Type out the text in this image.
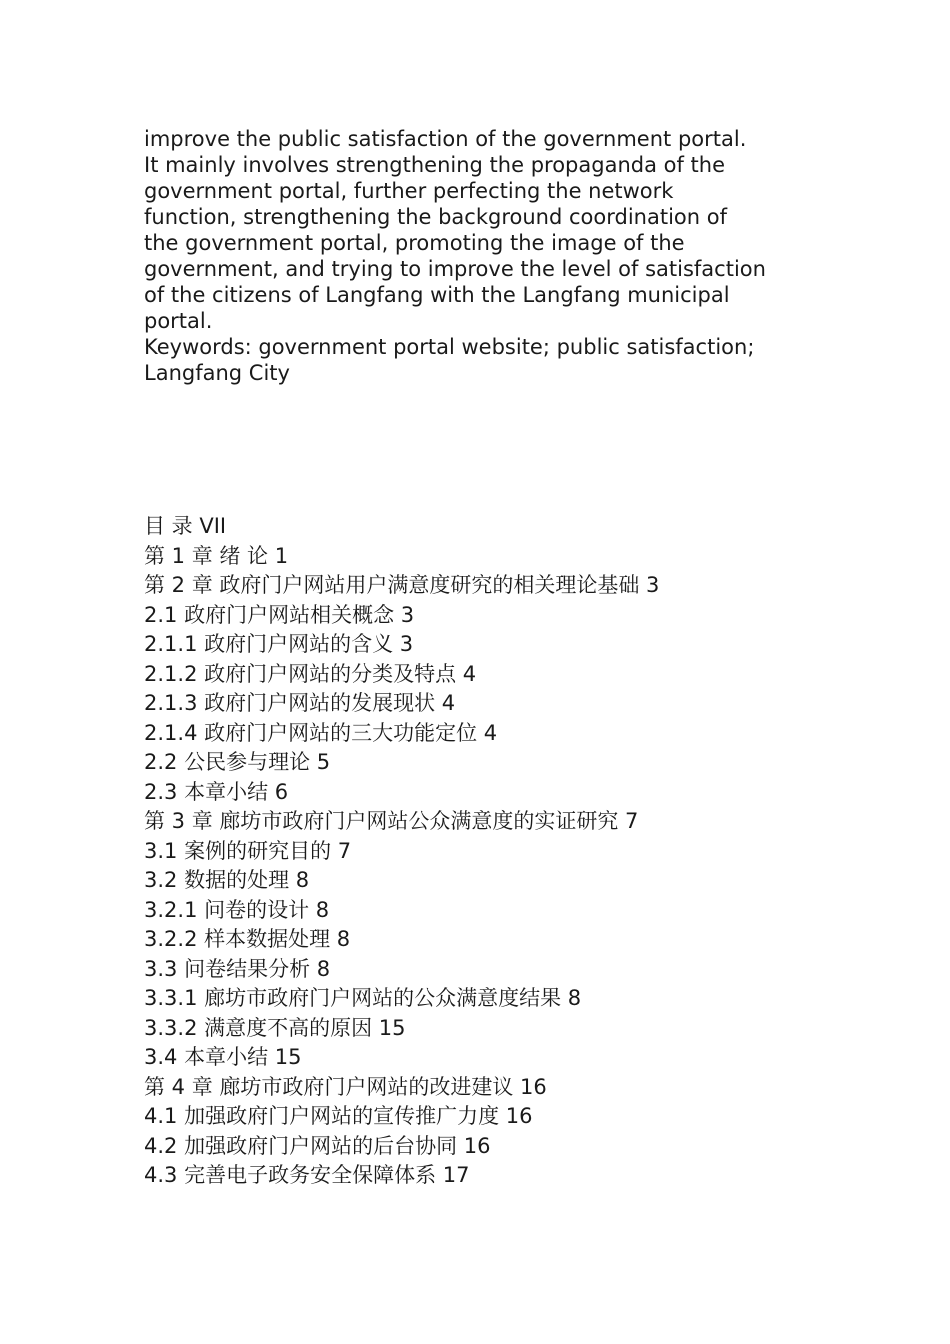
improve the public satisfaction of the government portal.
It mainly involves strengthening the propaganda of the
government portal, further perfecting the network
function, strengthening the background coordination of
the government portal, promoting the image of the
government, and trying to improve the level of satisfaction
of the citizens of Langfang with the Langfang municipal
portal.
Keywords: government portal website; public satisfaction;
Langfang City
目 录 VII
第 1 章 绪 论 1
第 2 章 政府门户网站用户满意度研究的相关理论基础 3
2.1 政府门户网站相关概念 3
2.1.1 政府门户网站的含义 3
2.1.2 政府门户网站的分类及特点 4
2.1.3 政府门户网站的发展现状 4
2.1.4 政府门户网站的三大功能定位 4
2.2 公民参与理论 5
2.3 本章小结 6
第 3 章 廊坊市政府门户网站公众满意度的实证研究 7
3.1 案例的研究目的 7
3.2 数据的处理 8
3.2.1 问卷的设计 8
3.2.2 样本数据处理 8
3.3 问卷结果分析 8
3.3.1 廊坊市政府门户网站的公众满意度结果 8
3.3.2 满意度不高的原因 15
3.4 本章小结 15
第 4 章 廊坊市政府门户网站的改进建议 16
4.1 加强政府门户网站的宣传推广力度 16
4.2 加强政府门户网站的后台协同 16
4.3 完善电子政务安全保障体系 17
